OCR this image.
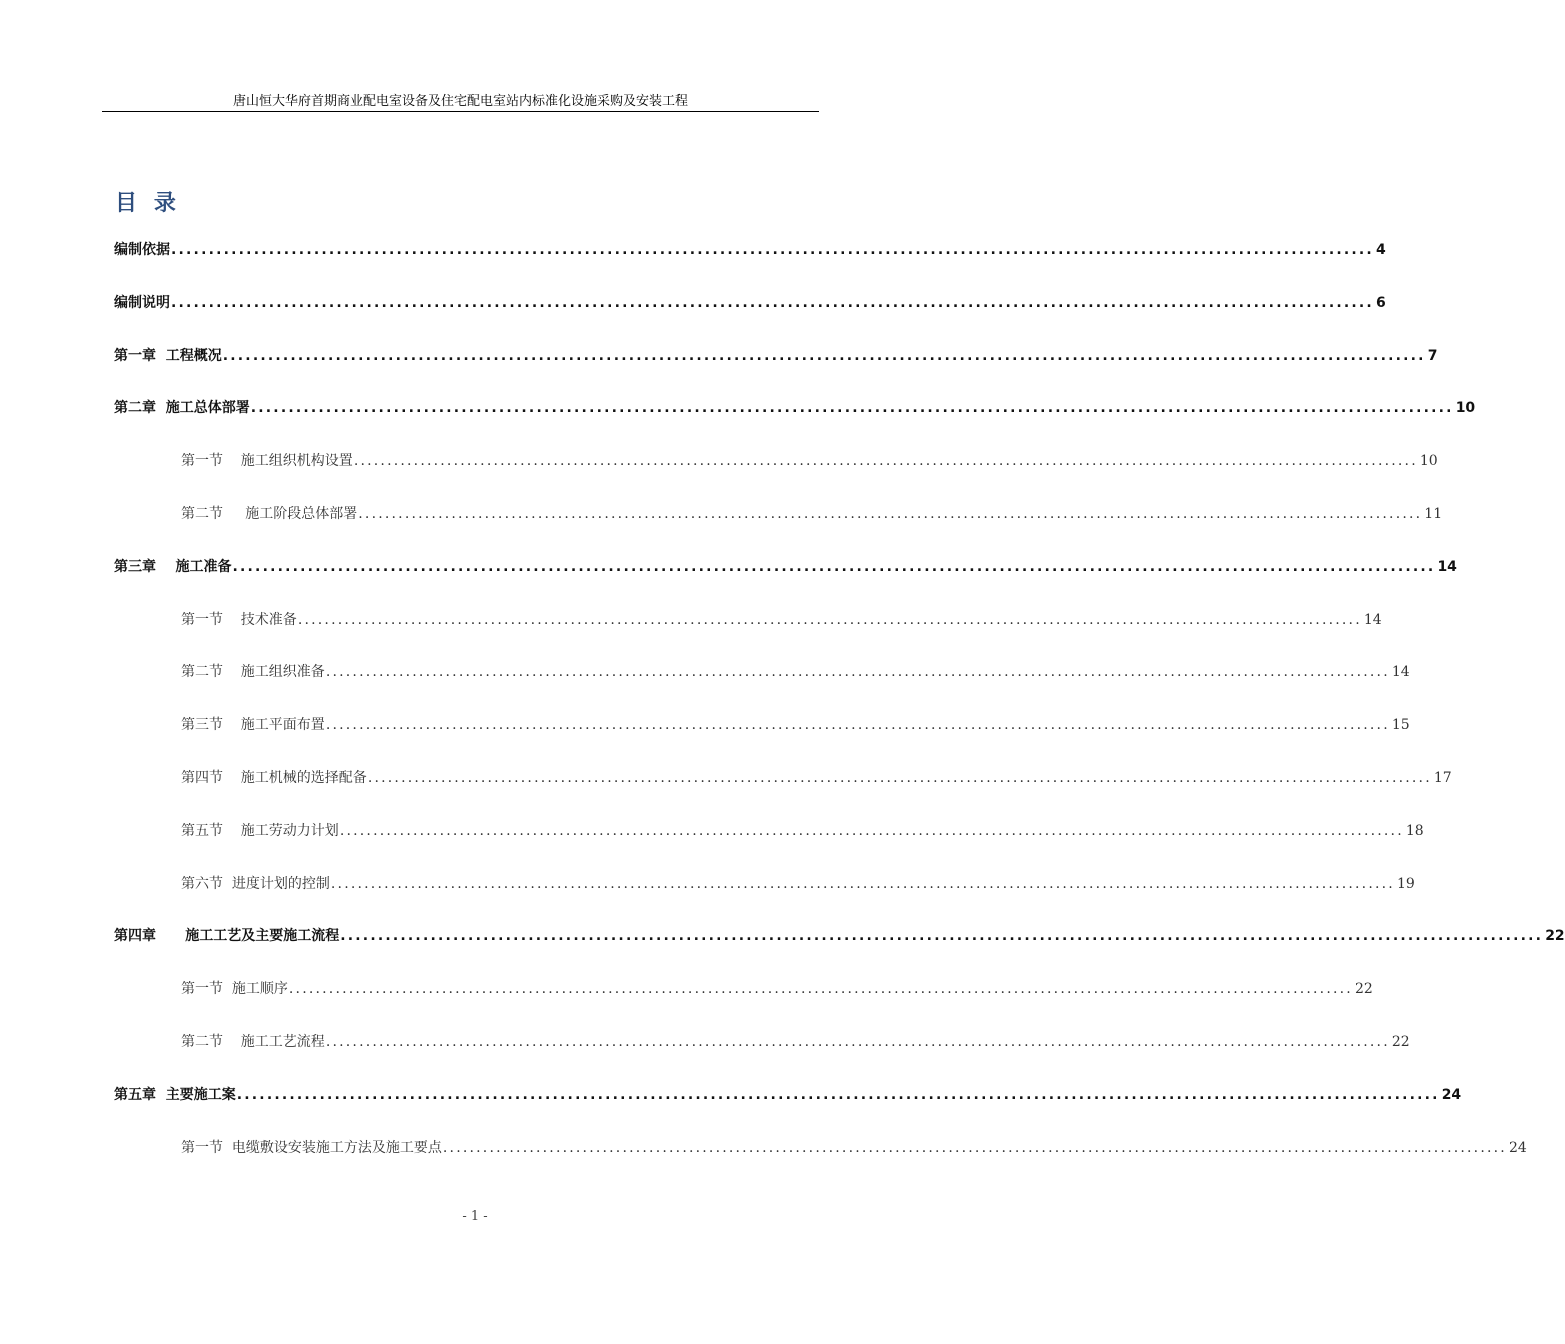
唐山恒大华府首期商业配电室设备及住宅配电室站内标准化设施采购及安装工程
目  录
编制依据 ................................................................................................................................................................ 4
编制说明 ................................................................................................................................................................ 6
第一章  工程概况 ................................................................................................................................................................ 7
第二章  施工总体部署 ................................................................................................................................................................ 10
第一节    施工组织机构设置 ................................................................................................................................................................ 10
第二节     施工阶段总体部署 ................................................................................................................................................................ 11
第三章    施工准备 ................................................................................................................................................................ 14
第一节    技术准备 ................................................................................................................................................................ 14
第二节    施工组织准备 ................................................................................................................................................................ 14
第三节    施工平面布置 ................................................................................................................................................................ 15
第四节    施工机械的选择配备 ................................................................................................................................................................ 17
第五节    施工劳动力计划 ................................................................................................................................................................ 18
第六节  进度计划的控制 ................................................................................................................................................................ 19
第四章      施工工艺及主要施工流程 ................................................................................................................................................................ 22
第一节  施工顺序 ................................................................................................................................................................ 22
第二节    施工工艺流程 ................................................................................................................................................................ 22
第五章  主要施工案 ................................................................................................................................................................ 24
第一节  电缆敷设安装施工方法及施工要点 ................................................................................................................................................................ 24
- 1 -
